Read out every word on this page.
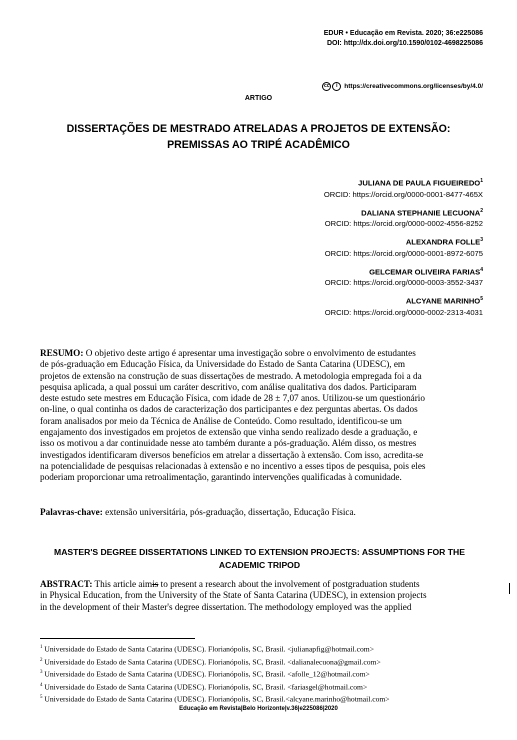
EDUR • Educação em Revista. 2020; 36:e225086
DOI: http://dx.doi.org/10.1590/0102-4698225086
cc	i	https://creativecommons.org/licenses/by/4.0/
ARTIGO
DISSERTAÇÕES DE MESTRADO ATRELADAS A PROJETOS DE EXTENSÃO: PREMISSAS AO TRIPÉ ACADÊMICO
JULIANA DE PAULA FIGUEIREDO$^1$
ORCID: https://orcid.org/0000-0001-8477-465X
DALIANA STEPHANIE LECUONA$^2$
ORCID: https://orcid.org/0000-0002-4556-8252
ALEXANDRA FOLLE$^3$
ORCID: https://orcid.org/0000-0001-8972-6075
GELCEMAR OLIVEIRA FARIAS$^4$
ORCID: https://orcid.org/0000-0003-3552-3437
ALCYANE MARINHO$^5$
ORCID: https://orcid.org/0000-0002-2313-4031
RESUMO: O objetivo deste artigo é apresentar uma investigação sobre o envolvimento de estudantes
de pós-graduação em Educação Física, da Universidade do Estado de Santa Catarina (UDESC), em
projetos de extensão na construção de suas dissertações de mestrado. A metodologia empregada foi a da
pesquisa aplicada, a qual possui um caráter descritivo, com análise qualitativa dos dados. Participaram
deste estudo sete mestres em Educação Física, com idade de 28 ± 7,07 anos. Utilizou-se um questionário
on-line, o qual continha os dados de caracterização dos participantes e dez perguntas abertas. Os dados
foram analisados por meio da Técnica de Análise de Conteúdo. Como resultado, identificou-se um
engajamento dos investigados em projetos de extensão que vinha sendo realizado desde a graduação, e
isso os motivou a dar continuidade nesse ato também durante a pós-graduação. Além disso, os mestres
investigados identificaram diversos benefícios em atrelar a dissertação à extensão. Com isso, acredita-se
na potencialidade de pesquisas relacionadas à extensão e no incentivo a esses tipos de pesquisa, pois eles
poderiam proporcionar uma retroalimentação, garantindo intervenções qualificadas à comunidade.
Palavras-chave: extensão universitária, pós-graduação, dissertação, Educação Física.
MASTER'S DEGREE DISSERTATIONS LINKED TO EXTENSION PROJECTS: ASSUMPTIONS FOR THE ACADEMIC TRIPOD
ABSTRACT: This article aimis to present a research about the involvement of postgraduation students
in Physical Education, from the University of the State of Santa Catarina (UDESC), in extension projects
in the development of their Master's degree dissertation. The methodology employed was the applied
$^1$ Universidade do Estado de Santa Catarina (UDESC). Florianópolis, SC, Brasil. <julianapfig@hotmail.com>
$^2$ Universidade do Estado de Santa Catarina (UDESC). Florianópolis, SC, Brasil. <dalianalecuona@gmail.com>
$^3$ Universidade do Estado de Santa Catarina (UDESC). Florianópolis, SC, Brasil. <afolle_12@hotmail.com>
$^4$ Universidade do Estado de Santa Catarina (UDESC). Florianópolis, SC, Brasil. <fariasgel@hotmail.com>
$^5$ Universidade do Estado de Santa Catarina (UDESC). Florianópolis, SC, Brasil.<alcyane.marinho@hotmail.com>
Educação em Revista|Belo Horizonte|v.36|e225086|2020
